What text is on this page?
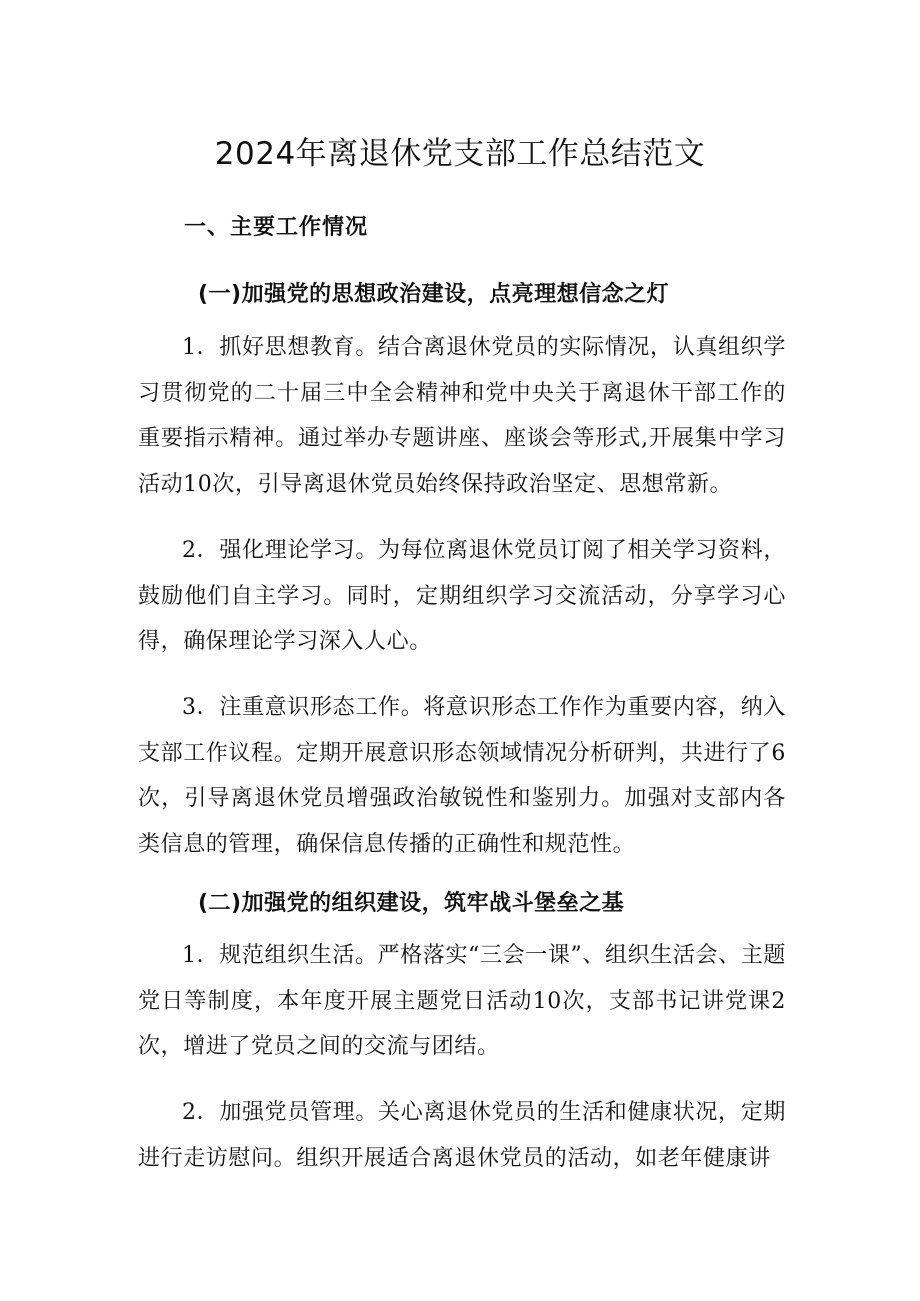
2024年离退休党支部工作总结范文
一、主要工作情况
(一)加强党的思想政治建设，点亮理想信念之灯

1．抓好思想教育。结合离退休党员的实际情况，认真组织学习贯彻党的二十届三中全会精神和党中央关于离退休干部工作的重要指示精神。通过举办专题讲座、座谈会等形式,开展集中学习活动10次，引导离退休党员始终保持政治坚定、思想常新。

2．强化理论学习。为每位离退休党员订阅了相关学习资料，鼓励他们自主学习。同时，定期组织学习交流活动，分享学习心得，确保理论学习深入人心。

3．注重意识形态工作。将意识形态工作作为重要内容，纳入支部工作议程。定期开展意识形态领域情况分析研判，共进行了6次，引导离退休党员增强政治敏锐性和鉴别力。加强对支部内各类信息的管理，确保信息传播的正确性和规范性。

(二)加强党的组织建设，筑牢战斗堡垒之基

1．规范组织生活。严格落实“三会一课”、组织生活会、主题党日等制度，本年度开展主题党日活动10次，支部书记讲党课2次，增进了党员之间的交流与团结。

2．加强党员管理。关心离退休党员的生活和健康状况，定期进行走访慰问。组织开展适合离退休党员的活动，如老年健康讲
